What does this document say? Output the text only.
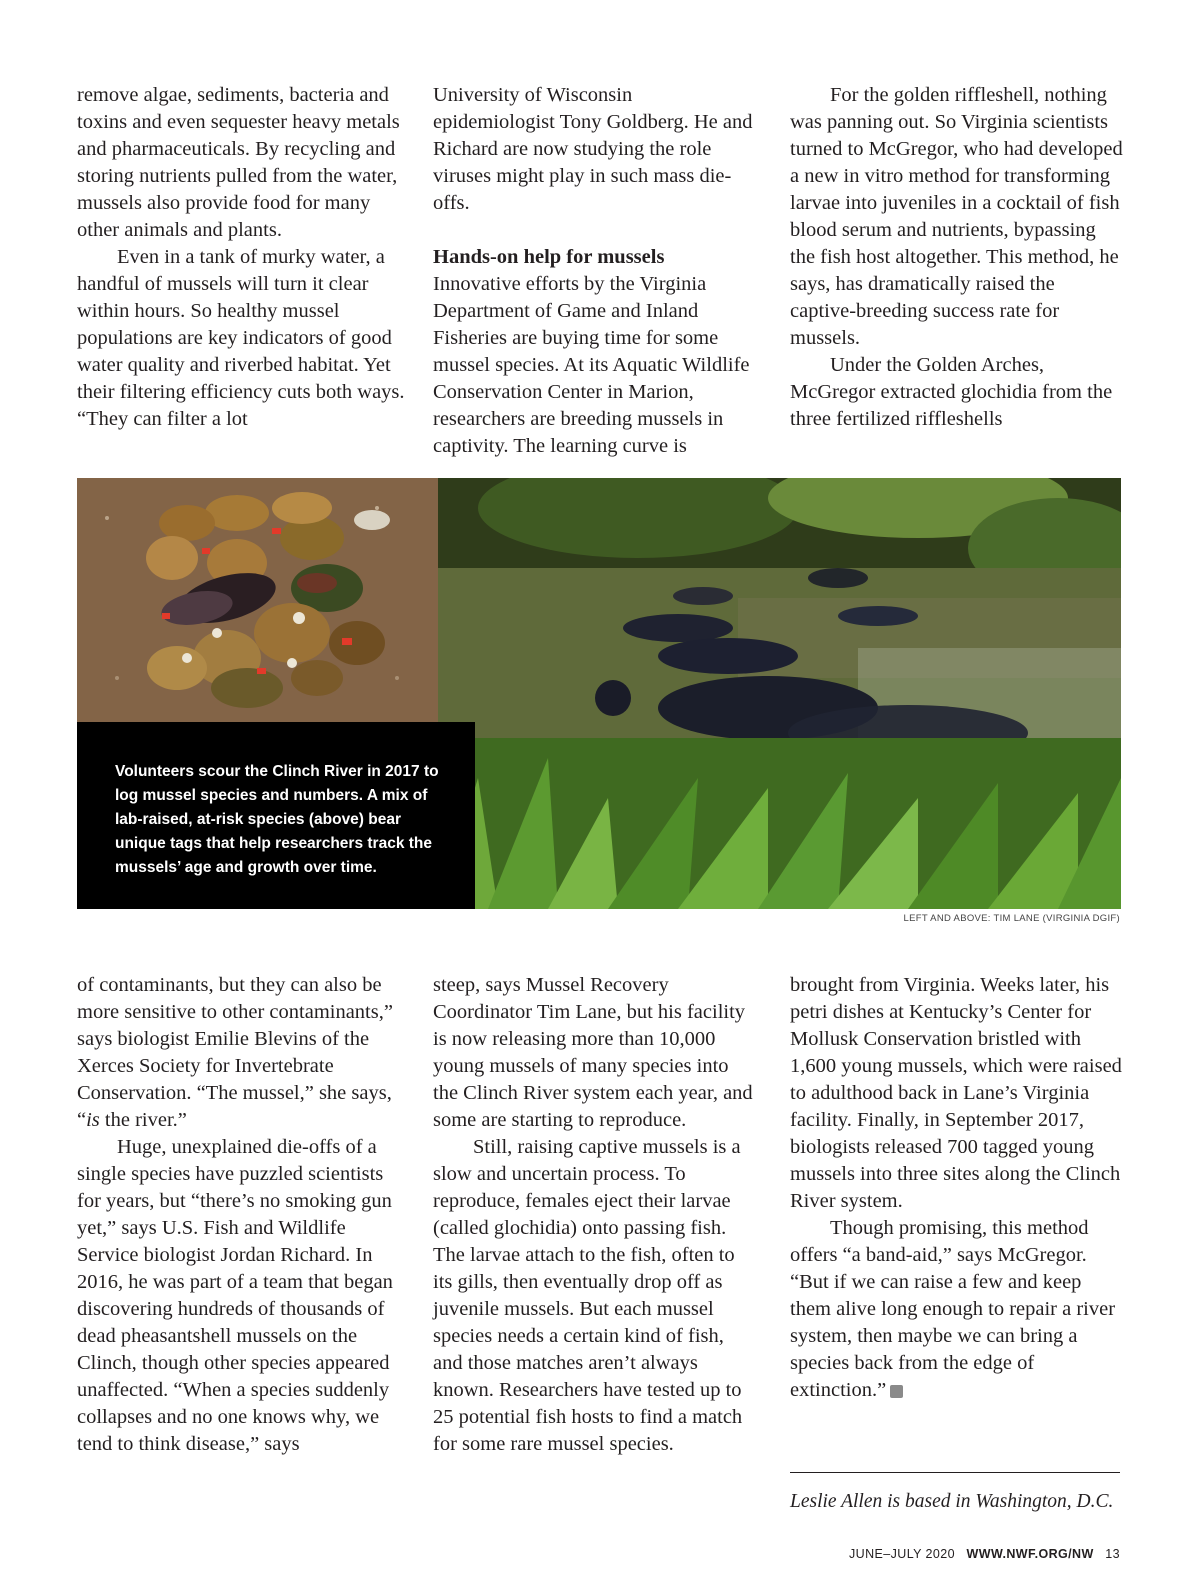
remove algae, sediments, bacteria and toxins and even sequester heavy metals and pharmaceuticals. By recycling and storing nutrients pulled from the water, mussels also provide food for many other animals and plants.

Even in a tank of murky water, a handful of mussels will turn it clear within hours. So healthy mussel populations are key indicators of good water quality and riverbed habitat. Yet their filtering efficiency cuts both ways. “They can filter a lot

University of Wisconsin epidemiologist Tony Goldberg. He and Richard are now studying the role viruses might play in such mass die-offs.

Hands-on help for mussels

Innovative efforts by the Virginia Department of Game and Inland Fisheries are buying time for some mussel species. At its Aquatic Wildlife Conservation Center in Marion, researchers are breeding mussels in captivity. The learning curve is

For the golden riffleshell, nothing was panning out. So Virginia scientists turned to McGregor, who had developed a new in vitro method for transforming larvae into juveniles in a cocktail of fish blood serum and nutrients, bypassing the fish host altogether. This method, he says, has dramatically raised the captive-breeding success rate for mussels.

Under the Golden Arches, McGregor extracted glochidia from the three fertilized riffleshells

Volunteers scour the Clinch River in 2017 to log mussel species and numbers. A mix of lab-raised, at-risk species (above) bear unique tags that help researchers track the mussels’ age and growth over time.
LEFT AND ABOVE: TIM LANE (VIRGINIA DGIF)

of contaminants, but they can also be more sensitive to other contaminants,” says biologist Emilie Blevins of the Xerces Society for Invertebrate Conservation. “The mussel,” she says, “is the river.”

Huge, unexplained die-offs of a single species have puzzled scientists for years, but “there’s no smoking gun yet,” says U.S. Fish and Wildlife Service biologist Jordan Richard. In 2016, he was part of a team that began discovering hundreds of thousands of dead pheasantshell mussels on the Clinch, though other species appeared unaffected. “When a species suddenly collapses and no one knows why, we tend to think disease,” says

steep, says Mussel Recovery Coordinator Tim Lane, but his facility is now releasing more than 10,000 young mussels of many species into the Clinch River system each year, and some are starting to reproduce.

Still, raising captive mussels is a slow and uncertain process. To reproduce, females eject their larvae (called glochidia) onto passing fish. The larvae attach to the fish, often to its gills, then eventually drop off as juvenile mussels. But each mussel species needs a certain kind of fish, and those matches aren’t always known. Researchers have tested up to 25 potential fish hosts to find a match for some rare mussel species.

brought from Virginia. Weeks later, his petri dishes at Kentucky’s Center for Mollusk Conservation bristled with 1,600 young mussels, which were raised to adulthood back in Lane’s Virginia facility. Finally, in September 2017, biologists released 700 tagged young mussels into three sites along the Clinch River system.

Though promising, this method offers “a band-aid,” says McGregor. “But if we can raise a few and keep them alive long enough to repair a river system, then maybe we can bring a species back from the edge of extinction.”	W

Leslie Allen is based in Washington, D.C.
JUNE–JULY 2020 WWW.NWF.ORG/NW 13
